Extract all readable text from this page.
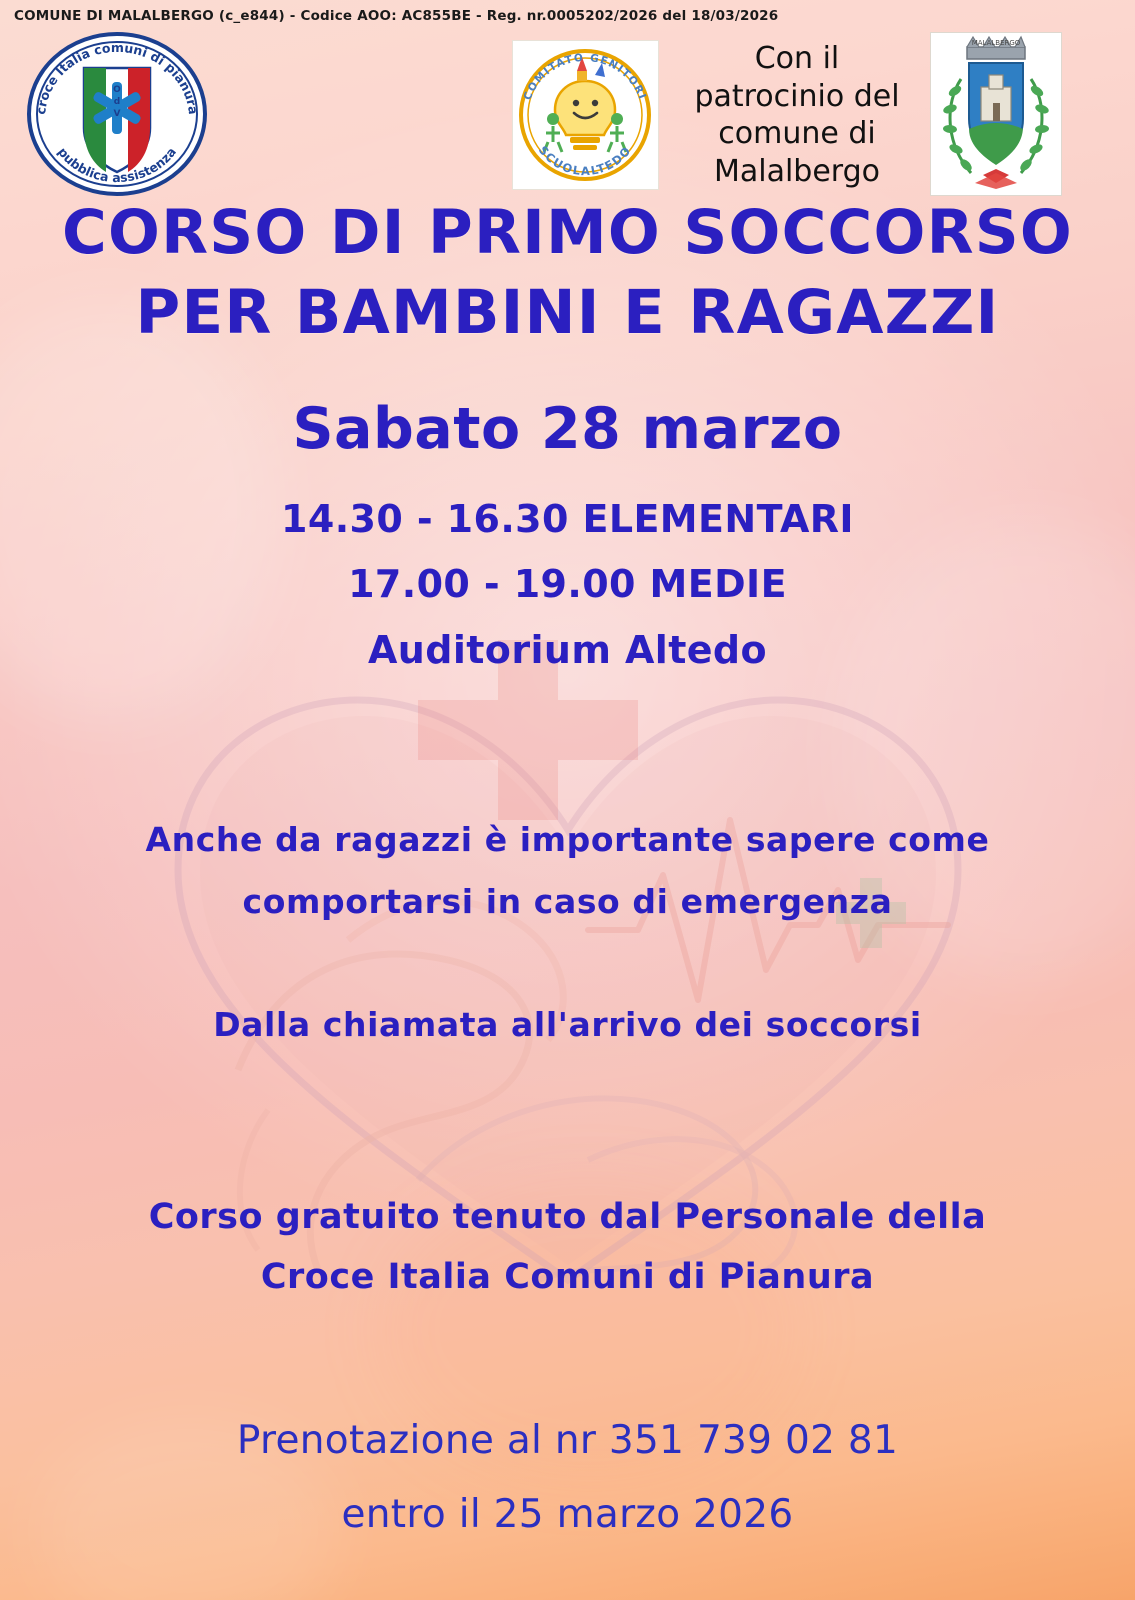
COMUNE DI MALALBERGO (c_e844) - Codice AOO: AC855BE - Reg. nr.0005202/2026 del 18/03/2026
O
d
V
croce Italia comuni di pianura
pubblica assistenza
COMITATO GENITORI
SCUOLALTEDO
Con il
patrocinio del
comune di
Malalbergo
MALALBERGO
CORSO DI PRIMO SOCCORSO
PER BAMBINI E RAGAZZI
Sabato 28 marzo
14.30 - 16.30 ELEMENTARI
17.00 - 19.00 MEDIE
Auditorium Altedo
Anche da ragazzi è importante sapere come
comportarsi in caso di emergenza
Dalla chiamata all'arrivo dei soccorsi
Corso gratuito tenuto dal Personale della
Croce Italia Comuni di Pianura
Prenotazione al nr 351 739 02 81
entro il 25 marzo 2026
